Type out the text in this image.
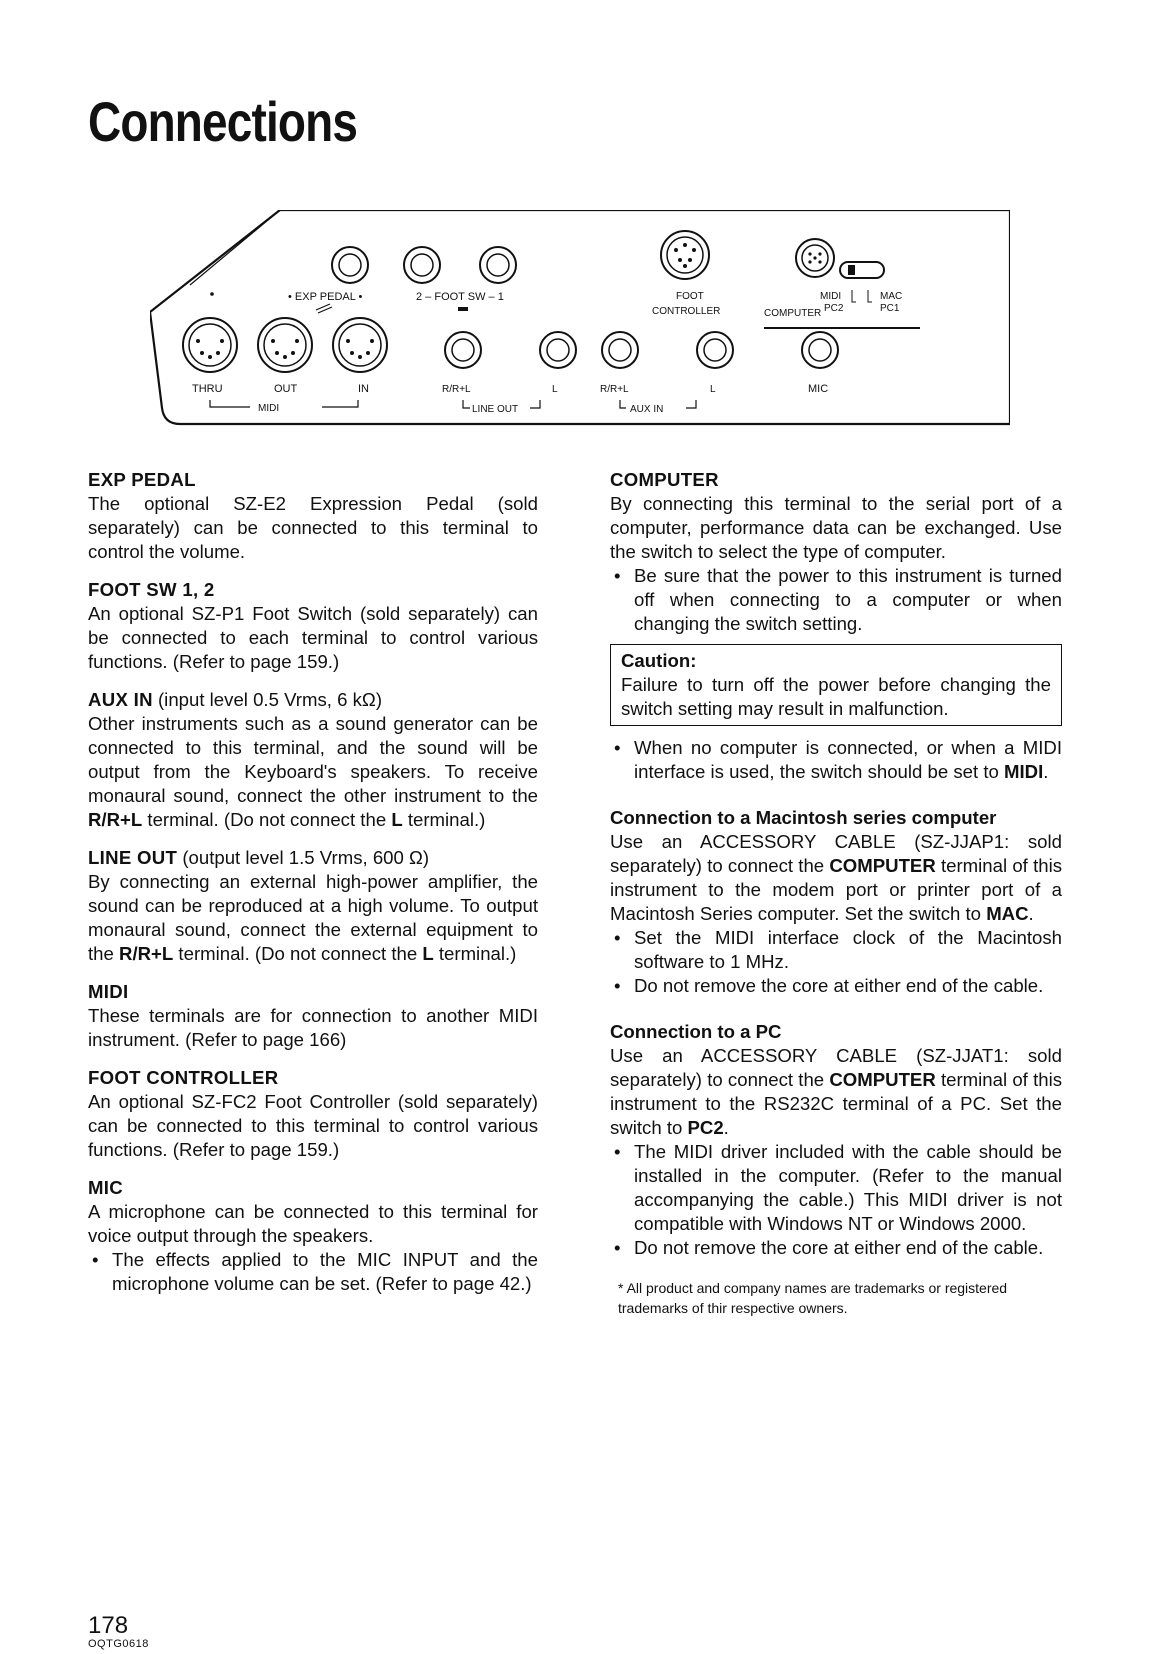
Connections
• EXP PEDAL •	2 – FOOT SW – 1	FOOT
CONTROLLER
MIDI	MAC
COMPUTER PC2	PC1
THRU	OUT	IN
MIDI
R/R+L	L
LINE OUT
R/R+L	L
AUX IN
MIC
EXP PEDAL

The optional SZ-E2 Expression Pedal (sold separately) can be connected to this terminal to control the volume.

FOOT SW 1, 2

An optional SZ-P1 Foot Switch (sold separately) can be connected to each terminal to control various functions. (Refer to page 159.)

AUX IN (input level 0.5 Vrms, 6 kΩ)

Other instruments such as a sound generator can be connected to this terminal, and the sound will be output from the Keyboard's speakers. To receive monaural sound, connect the other instrument to the R/R+L terminal. (Do not connect the L terminal.)

LINE OUT (output level 1.5 Vrms, 600 Ω)

By connecting an external high-power amplifier, the sound can be reproduced at a high volume. To output monaural sound, connect the external equipment to the R/R+L terminal. (Do not connect the L terminal.)

MIDI

These terminals are for connection to another MIDI instrument. (Refer to page 166)

FOOT CONTROLLER

An optional SZ-FC2 Foot Controller (sold separately) can be connected to this terminal to control various functions. (Refer to page 159.)

MIC

A microphone can be connected to this terminal for voice output through the speakers.

• The effects applied to the MIC INPUT and the microphone volume can be set. (Refer to page 42.)
COMPUTER

By connecting this terminal to the serial port of a computer, performance data can be exchanged. Use the switch to select the type of computer.

• Be sure that the power to this instrument is turned off when connecting to a computer or when changing the switch setting.
Caution:

Failure to turn off the power before changing the switch setting may result in malfunction.

• When no computer is connected, or when a MIDI interface is used, the switch should be set to MIDI.
Connection to a Macintosh series computer

Use an ACCESSORY CABLE (SZ-JJAP1: sold separately) to connect the COMPUTER terminal of this instrument to the modem port or printer port of a Macintosh Series computer. Set the switch to MAC.

• Set the MIDI interface clock of the Macintosh software to 1 MHz.
• Do not remove the core at either end of the cable.
Connection to a PC

Use an ACCESSORY CABLE (SZ-JJAT1: sold separately) to connect the COMPUTER terminal of this instrument to the RS232C terminal of a PC. Set the switch to PC2.

• The MIDI driver included with the cable should be installed in the computer. (Refer to the manual accompanying the cable.) This MIDI driver is not compatible with Windows NT or Windows 2000.
• Do not remove the core at either end of the cable.
* All product and company names are trademarks or registered trademarks of thir respective owners.

178

OQTG0618
